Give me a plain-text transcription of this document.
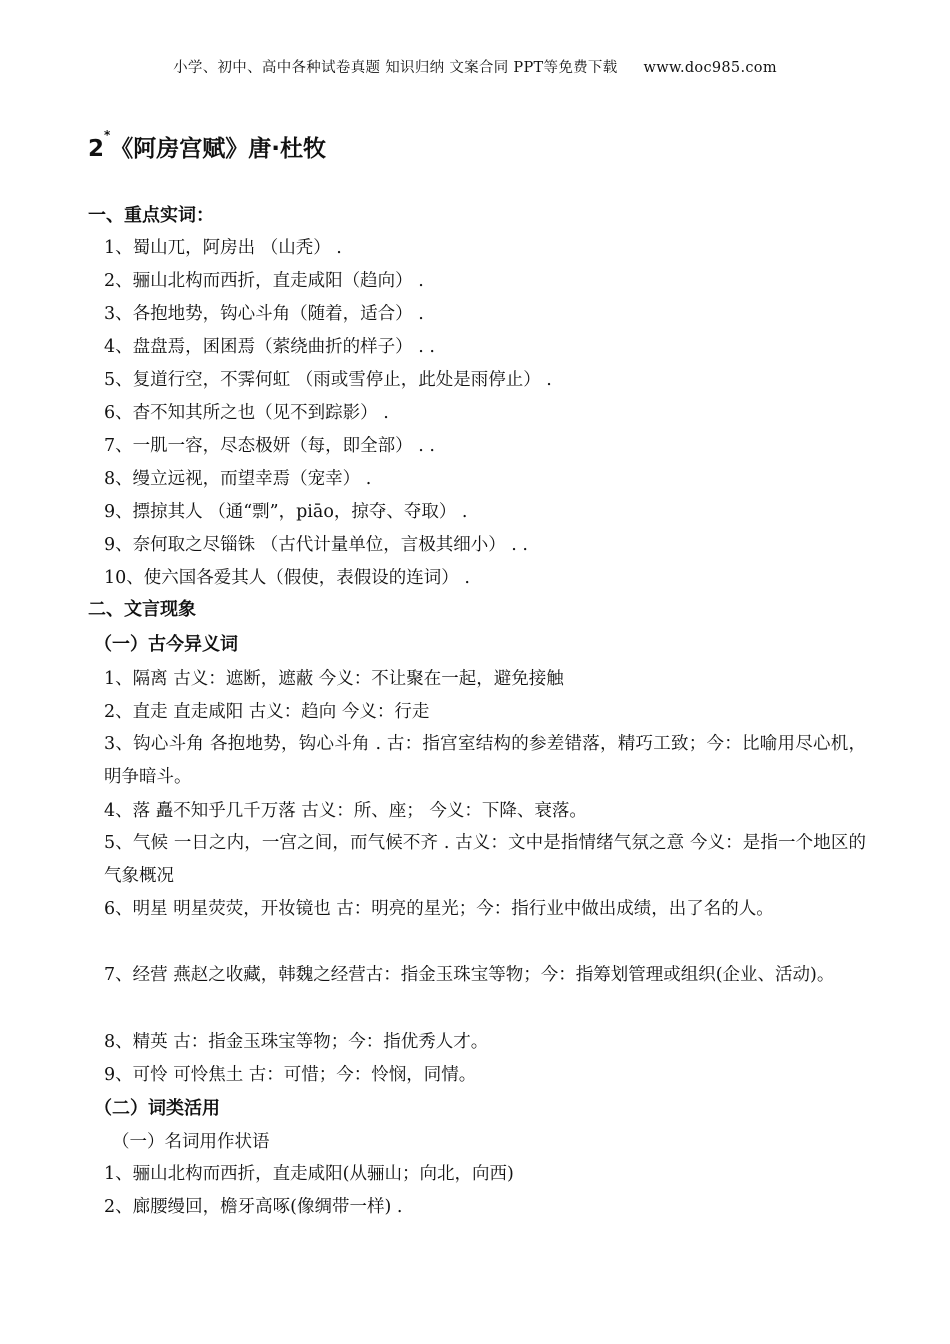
小学、初中、高中各种试卷真题 知识归纳 文案合同 PPT等免费下载 www.doc985.com
2*《阿房宫赋》唐·杜牧
一、重点实词：
1、蜀山兀，阿房出 （山秃） .
2、骊山北构而西折，直走咸阳（趋向） .
3、各抱地势，钩心斗角（随着，适合） .
4、盘盘焉，囷囷焉（萦绕曲折的样子） . .
5、复道行空，不霁何虹 （雨或雪停止，此处是雨停止） .
6、杳不知其所之也（见不到踪影） .
7、一肌一容，尽态极妍（每，即全部） . .
8、缦立远视，而望幸焉（宠幸） .
9、摽掠其人 （通“剽”，piāo，掠夺、夺取） .
9、奈何取之尽锱铢 （古代计量单位，言极其细小） . .
10、使六国各爱其人（假使，表假设的连词） .
二、文言现象
（一）古今异义词
1、隔离 古义：遮断，遮蔽 今义：不让聚在一起，避免接触
2、直走 直走咸阳 古义：趋向 今义：行走
3、钩心斗角 各抱地势，钩心斗角 . 古：指宫室结构的参差错落，精巧工致；今：比喻用尽心机，明争暗斗。
4、落 矗不知乎几千万落 古义：所、座； 今义：下降、衰落。
5、气候 一日之内，一宫之间，而气候不齐 . 古义：文中是指情绪气氛之意 今义：是指一个地区的气象概况
6、明星 明星荧荧，开妆镜也 古：明亮的星光；今：指行业中做出成绩，出了名的人。
7、经营 燕赵之收藏，韩魏之经营古：指金玉珠宝等物；今：指筹划管理或组织(企业、活动)。
8、精英 古：指金玉珠宝等物；今：指优秀人才。
9、可怜 可怜焦土 古：可惜；今：怜悯，同情。
（二）词类活用
（一）名词用作状语
1、骊山北构而西折，直走咸阳(从骊山；向北，向西)
2、廊腰缦回，檐牙高啄(像绸带一样) .
